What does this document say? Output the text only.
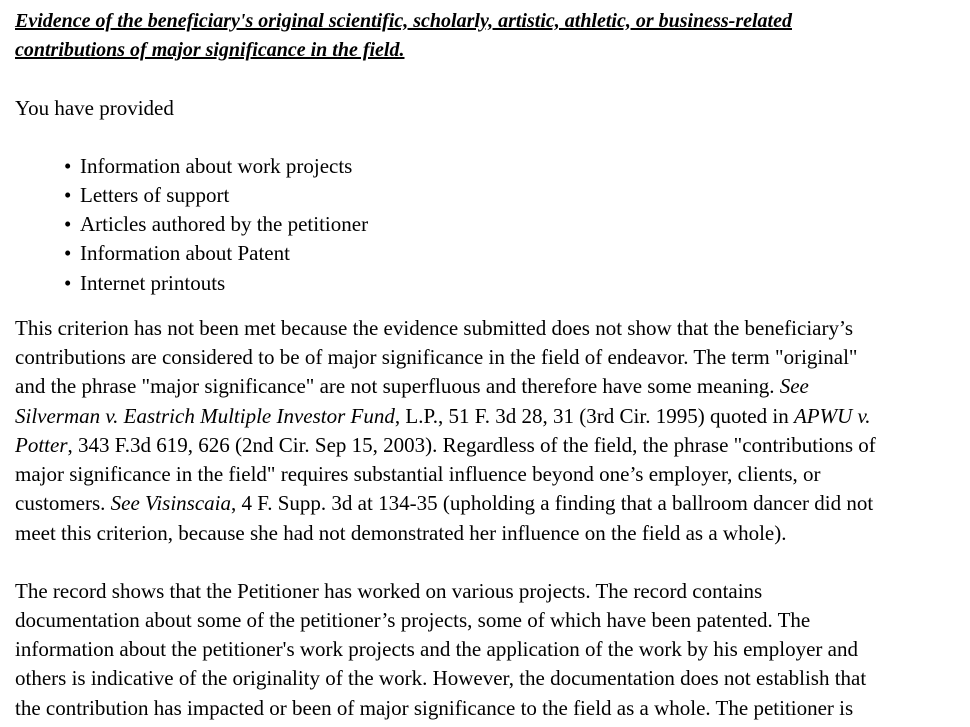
Evidence of the beneficiary's original scientific, scholarly, artistic, athletic, or business-related
contributions of major significance in the field.
You have provided
• Information about work projects
• Letters of support
• Articles authored by the petitioner
• Information about Patent
• Internet printouts
This criterion has not been met because the evidence submitted does not show that the beneficiary’s
contributions are considered to be of major significance in the field of endeavor. The term "original"
and the phrase "major significance" are not superfluous and therefore have some meaning. See
Silverman v. Eastrich Multiple Investor Fund, L.P., 51 F. 3d 28, 31 (3rd Cir. 1995) quoted in APWU v.
Potter, 343 F.3d 619, 626 (2nd Cir. Sep 15, 2003). Regardless of the field, the phrase "contributions of
major significance in the field" requires substantial influence beyond one’s employer, clients, or
customers. See Visinscaia, 4 F. Supp. 3d at 134-35 (upholding a finding that a ballroom dancer did not
meet this criterion, because she had not demonstrated her influence on the field as a whole).
The record shows that the Petitioner has worked on various projects. The record contains
documentation about some of the petitioner’s projects, some of which have been patented. The
information about the petitioner's work projects and the application of the work by his employer and
others is indicative of the originality of the work. However, the documentation does not establish that
the contribution has impacted or been of major significance to the field as a whole. The petitioner is
